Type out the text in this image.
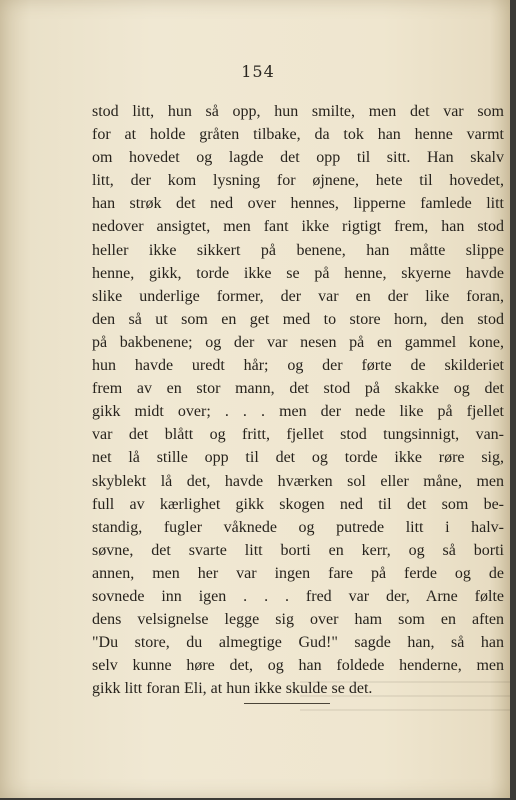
154
stod litt, hun så opp, hun smilte, men det var som
for at holde gråten tilbake, da tok han henne varmt
om hovedet og lagde det opp til sitt. Han skalv
litt, der kom lysning for øjnene, hete til hovedet,
han strøk det ned over hennes, lipperne famlede litt
nedover ansigtet, men fant ikke rigtigt frem, han stod
heller ikke sikkert på benene, han måtte slippe
henne, gikk, torde ikke se på henne, skyerne havde
slike underlige former, der var en der like foran,
den så ut som en get med to store horn, den stod
på bakbenene; og der var nesen på en gammel kone,
hun havde uredt hår; og der førte de skilderiet
frem av en stor mann, det stod på skakke og det
gikk midt over; . . . men der nede like på fjellet
var det blått og fritt, fjellet stod tungsinnigt, van-
net lå stille opp til det og torde ikke røre sig,
skyblekt lå det, havde hværken sol eller måne, men
full av kærlighet gikk skogen ned til det som be-
standig, fugler våknede og putrede litt i halv-
søvne, det svarte litt borti en kerr, og så borti
annen, men her var ingen fare på ferde og de
sovnede inn igen . . . fred var der, Arne følte
dens velsignelse legge sig over ham som en aften
"Du store, du almegtige Gud!" sagde han, så han
selv kunne høre det, og han foldede henderne, men
gikk litt foran Eli, at hun ikke skulde se det.
